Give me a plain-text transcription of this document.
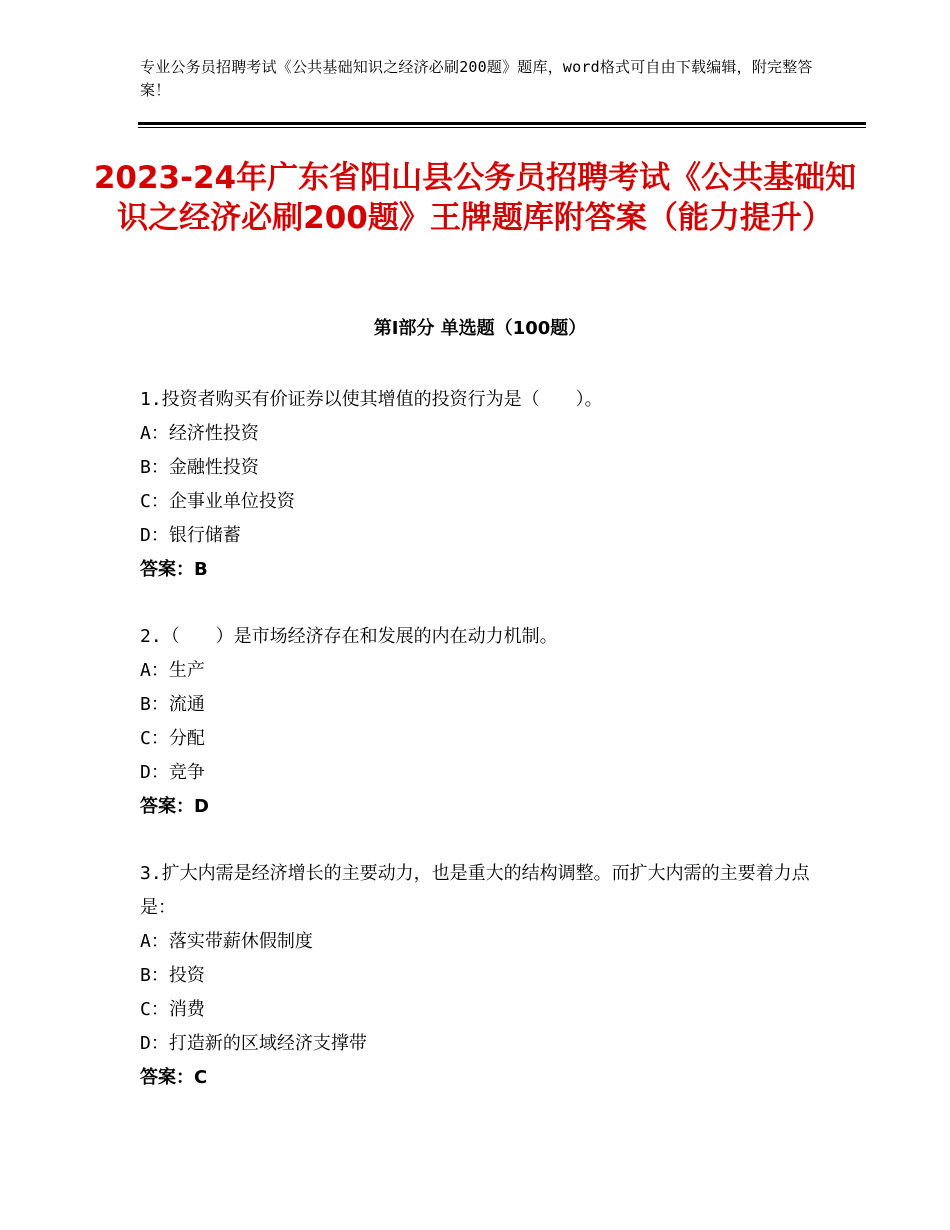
专业公务员招聘考试《公共基础知识之经济必刷200题》题库，word格式可自由下载编辑，附完整答案！
2023-24年广东省阳山县公务员招聘考试《公共基础知识之经济必刷200题》王牌题库附答案（能力提升）
第Ⅰ部分 单选题（100题）
1.投资者购买有价证券以使其增值的投资行为是（　　）。
A：经济性投资
B：金融性投资
C：企事业单位投资
D：银行储蓄
答案：B
2.（　　）是市场经济存在和发展的内在动力机制。
A：生产
B：流通
C：分配
D：竞争
答案：D
3.扩大内需是经济增长的主要动力，也是重大的结构调整。而扩大内需的主要着力点是：
A：落实带薪休假制度
B：投资
C：消费
D：打造新的区域经济支撑带
答案：C
